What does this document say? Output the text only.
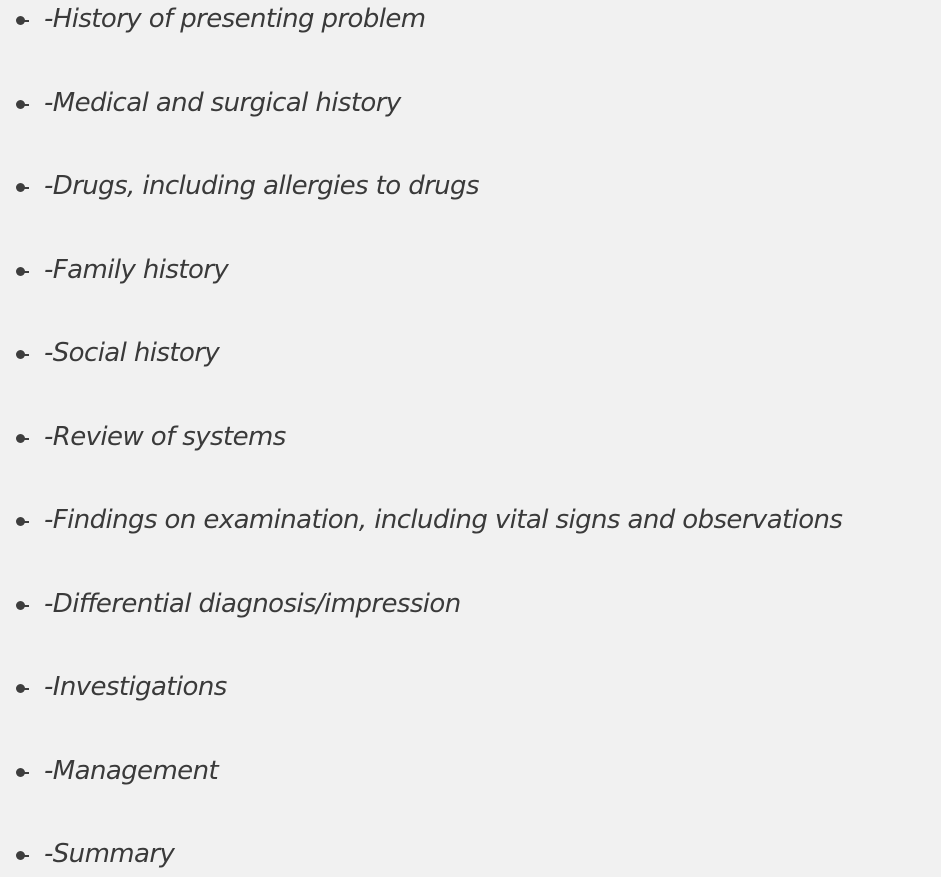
-History of presenting problem
-Medical and surgical history
-Drugs, including allergies to drugs
-Family history
-Social history
-Review of systems
-Findings on examination, including vital signs and observations
-Differential diagnosis/impression
-Investigations
-Management
-Summary
